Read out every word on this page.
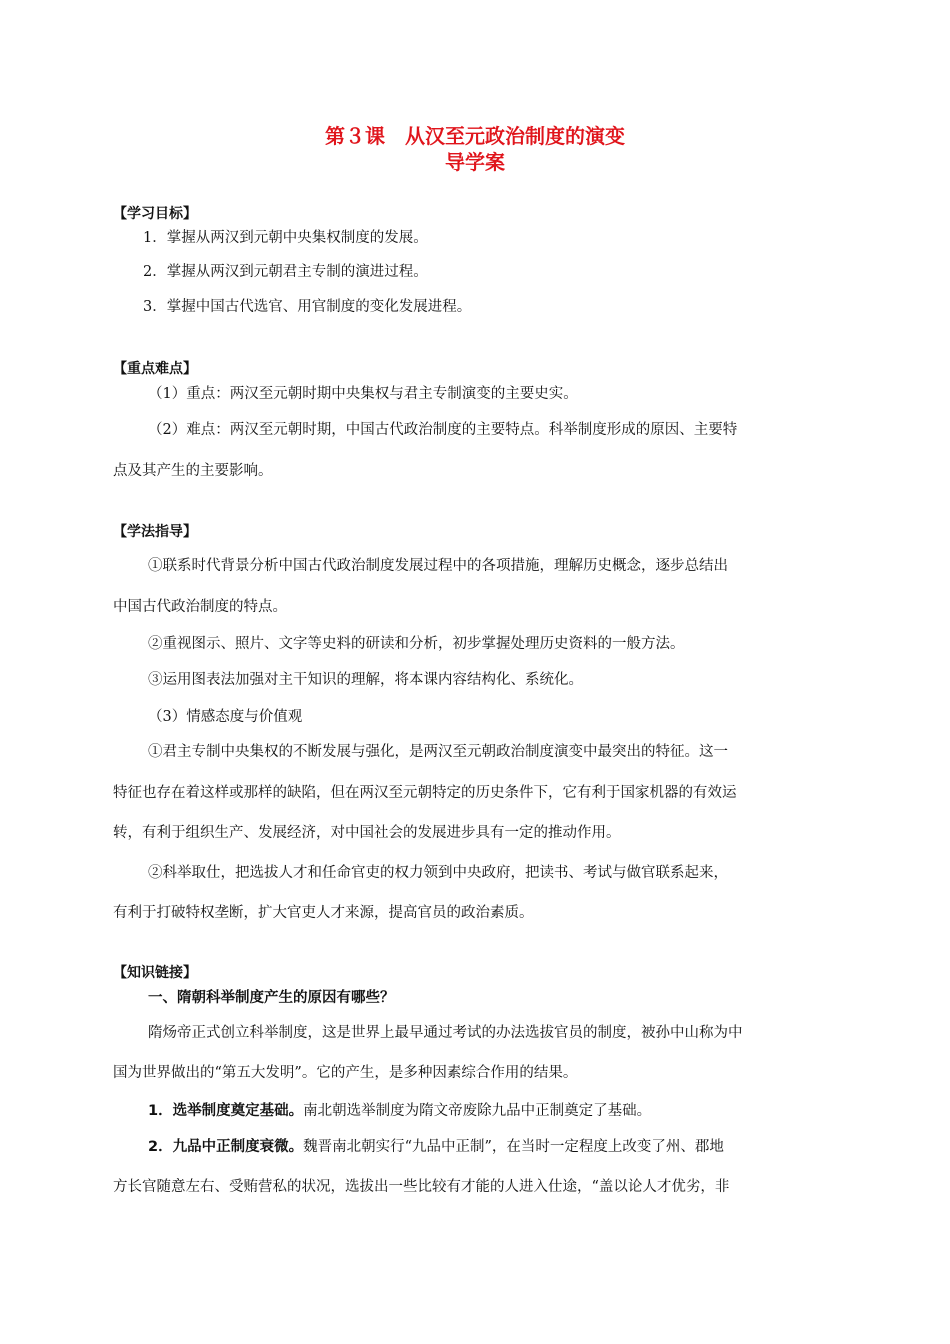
第３课　从汉至元政治制度的演变
导学案
【学习目标】
1．掌握从两汉到元朝中央集权制度的发展。
2．掌握从两汉到元朝君主专制的演进过程。
3．掌握中国古代选官、用官制度的变化发展进程。
【重点难点】
（1）重点：两汉至元朝时期中央集权与君主专制演变的主要史实。
（2）难点：两汉至元朝时期，中国古代政治制度的主要特点。科举制度形成的原因、主要特
点及其产生的主要影响。
【学法指导】
①联系时代背景分析中国古代政治制度发展过程中的各项措施，理解历史概念，逐步总结出
中国古代政治制度的特点。
②重视图示、照片、文字等史料的研读和分析，初步掌握处理历史资料的一般方法。
③运用图表法加强对主干知识的理解，将本课内容结构化、系统化。
（3）情感态度与价值观
①君主专制中央集权的不断发展与强化，是两汉至元朝政治制度演变中最突出的特征。这一
特征也存在着这样或那样的缺陷，但在两汉至元朝特定的历史条件下，它有利于国家机器的有效运
转，有利于组织生产、发展经济，对中国社会的发展进步具有一定的推动作用。
②科举取仕，把选拔人才和任命官吏的权力领到中央政府，把读书、考试与做官联系起来，
有利于打破特权垄断，扩大官吏人才来源，提高官员的政治素质。
【知识链接】
一、隋朝科举制度产生的原因有哪些？
隋炀帝正式创立科举制度，这是世界上最早通过考试的办法选拔官员的制度，被孙中山称为中
国为世界做出的“第五大发明”。它的产生，是多种因素综合作用的结果。
1．选举制度奠定基础。南北朝选举制度为隋文帝废除九品中正制奠定了基础。
2．九品中正制度衰微。魏晋南北朝实行“九品中正制”，在当时一定程度上改变了州、郡地
方长官随意左右、受贿营私的状况，选拔出一些比较有才能的人进入仕途，“盖以论人才优劣，非
